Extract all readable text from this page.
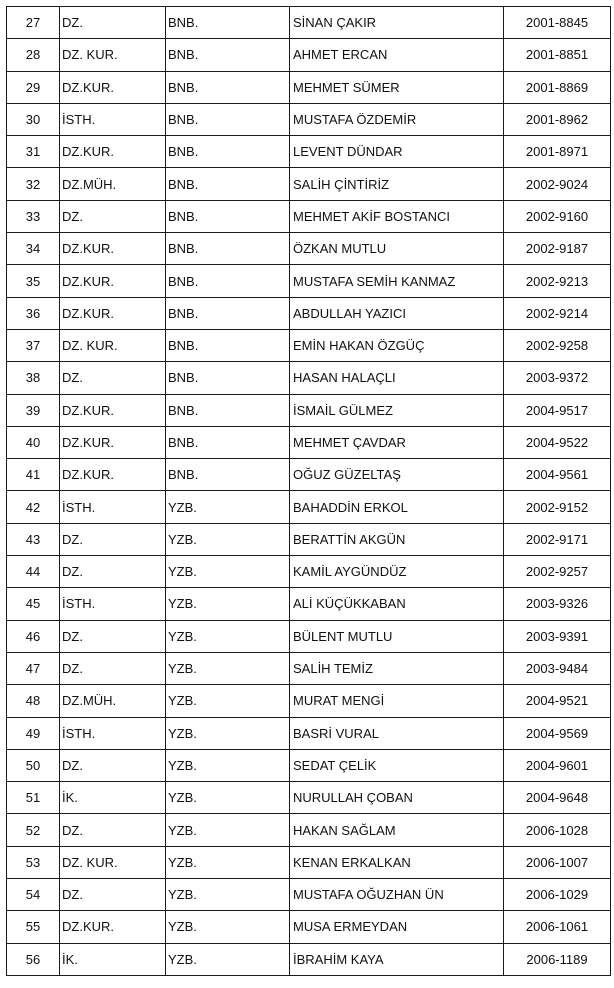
27	DZ.	BNB.	SİNAN ÇAKIR	2001-8845
28	DZ. KUR.	BNB.	AHMET ERCAN	2001-8851
29	DZ.KUR.	BNB.	MEHMET SÜMER	2001-8869
30	İSTH.	BNB.	MUSTAFA ÖZDEMİR	2001-8962
31	DZ.KUR.	BNB.	LEVENT DÜNDAR	2001-8971
32	DZ.MÜH.	BNB.	SALİH ÇİNTİRİZ	2002-9024
33	DZ.	BNB.	MEHMET AKİF BOSTANCI	2002-9160
34	DZ.KUR.	BNB.	ÖZKAN MUTLU	2002-9187
35	DZ.KUR.	BNB.	MUSTAFA SEMİH KANMAZ	2002-9213
36	DZ.KUR.	BNB.	ABDULLAH YAZICI	2002-9214
37	DZ. KUR.	BNB.	EMİN HAKAN ÖZGÜÇ	2002-9258
38	DZ.	BNB.	HASAN HALAÇLI	2003-9372
39	DZ.KUR.	BNB.	İSMAİL GÜLMEZ	2004-9517
40	DZ.KUR.	BNB.	MEHMET ÇAVDAR	2004-9522
41	DZ.KUR.	BNB.	OĞUZ GÜZELTAŞ	2004-9561
42	İSTH.	YZB.	BAHADDİN ERKOL	2002-9152
43	DZ.	YZB.	BERATTİN AKGÜN	2002-9171
44	DZ.	YZB.	KAMİL AYGÜNDÜZ	2002-9257
45	İSTH.	YZB.	ALİ KÜÇÜKKABAN	2003-9326
46	DZ.	YZB.	BÜLENT MUTLU	2003-9391
47	DZ.	YZB.	SALİH TEMİZ	2003-9484
48	DZ.MÜH.	YZB.	MURAT MENGİ	2004-9521
49	İSTH.	YZB.	BASRİ VURAL	2004-9569
50	DZ.	YZB.	SEDAT ÇELİK	2004-9601
51	İK.	YZB.	NURULLAH ÇOBAN	2004-9648
52	DZ.	YZB.	HAKAN SAĞLAM	2006-1028
53	DZ. KUR.	YZB.	KENAN ERKALKAN	2006-1007
54	DZ.	YZB.	MUSTAFA OĞUZHAN ÜN	2006-1029
55	DZ.KUR.	YZB.	MUSA ERMEYDAN	2006-1061
56	İK.	YZB.	İBRAHİM KAYA	2006-1189
